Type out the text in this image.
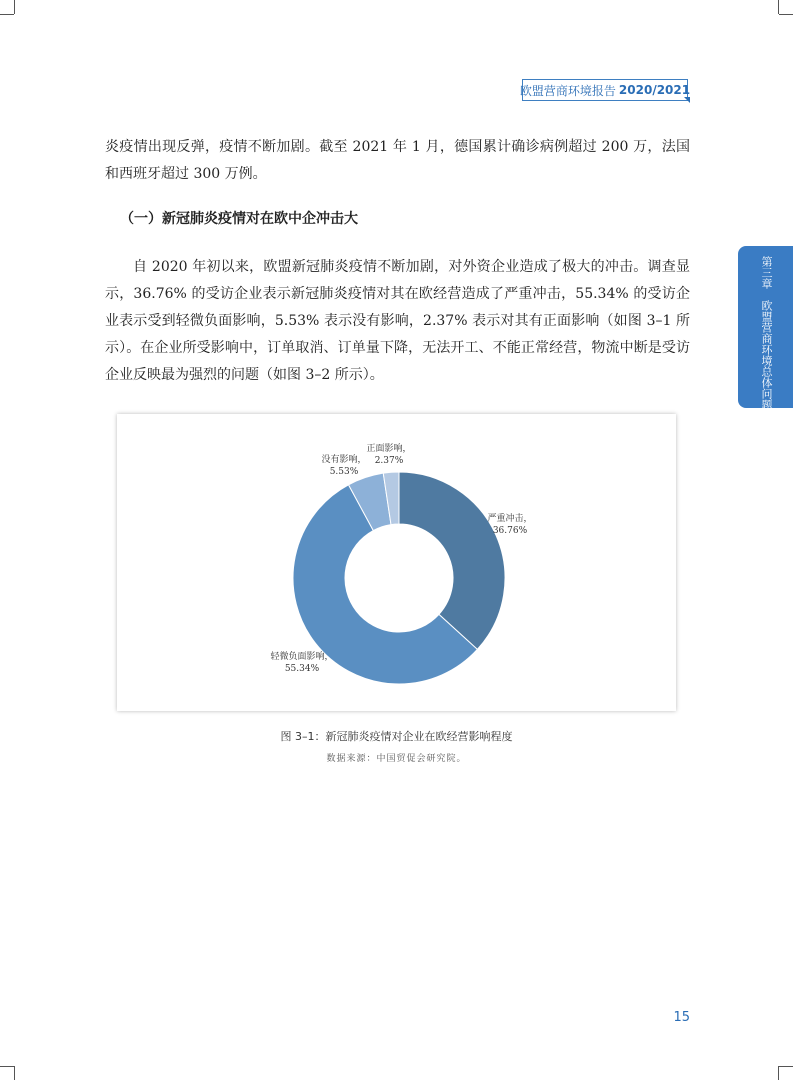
欧盟营商环境报告 2020/2021
第三章　欧盟营商环境总体问题

炎疫情出现反弹，疫情不断加剧。截至 2021 年 1 月，德国累计确诊病例超过 200 万，法国和西班牙超过 300 万例。

（一）新冠肺炎疫情对在欧中企冲击大

自 2020 年初以来，欧盟新冠肺炎疫情不断加剧，对外资企业造成了极大的冲击。调查显示，36.76% 的受访企业表示新冠肺炎疫情对其在欧经营造成了严重冲击，55.34% 的受访企业表示受到轻微负面影响，5.53% 表示没有影响，2.37% 表示对其有正面影响（如图 3–1 所示）。在企业所受影响中，订单取消、订单量下降，无法开工、不能正常经营，物流中断是受访企业反映最为强烈的问题（如图 3–2 所示）。

严重冲击， 36.76%
轻微负面影响， 55.34%
没有影响， 5.53%
正面影响， 2.37%
图 3–1：新冠肺炎疫情对企业在欧经营影响程度
数据来源：中国贸促会研究院。
15
